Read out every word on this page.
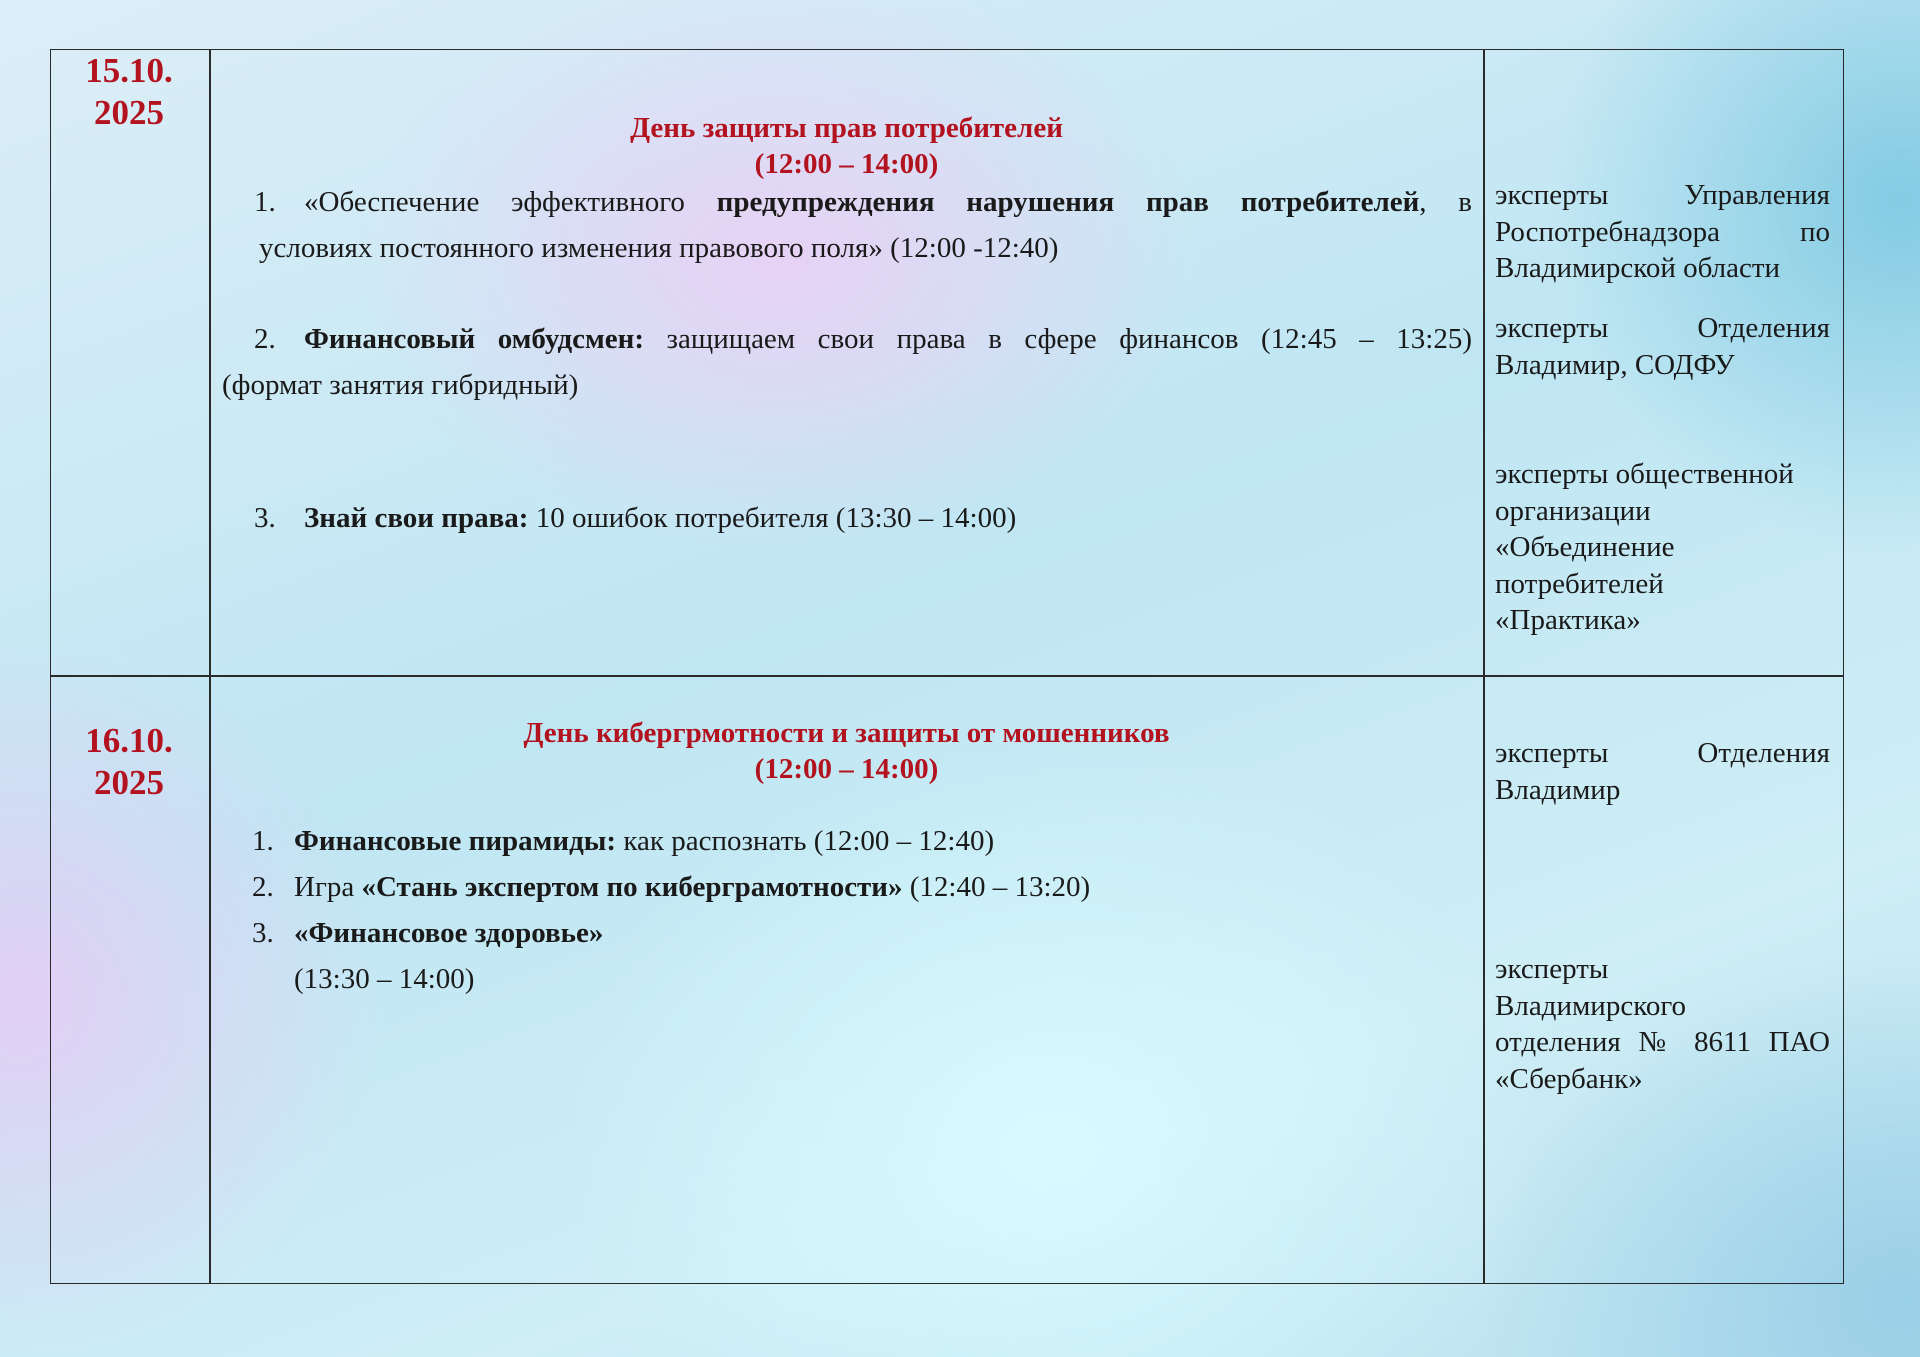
15.10.
2025	День защиты прав потребителей
(12:00 – 14:00)
1. «Обеспечение эффективного предупреждения нарушения прав потребителей, в
условиях постоянного изменения правового поля» (12:00 -12:40)
2. Финансовый омбудсмен: защищаем свои права в сфере финансов (12:45 – 13:25)
(формат занятия гибридный)
3. Знай свои права: 10 ошибок потребителя (13:30 – 14:00)
эксперты Управления
Роспотребнадзора по
Владимирской области
эксперты Отделения
Владимир, СОДФУ
эксперты общественной
организации
«Объединение
потребителей
«Практика»
16.10.
2025
День кибергрмотности и защиты от мошенников
(12:00 – 14:00)
1. Финансовые пирамиды: как распознать (12:00 – 12:40)
2. Игра «Стань экспертом по киберграмотности» (12:40 – 13:20)
3. «Финансовое здоровье»
(13:30 – 14:00)
эксперты Отделения
Владимир
эксперты
Владимирского
отделения № 8611 ПАО
«Сбербанк»
